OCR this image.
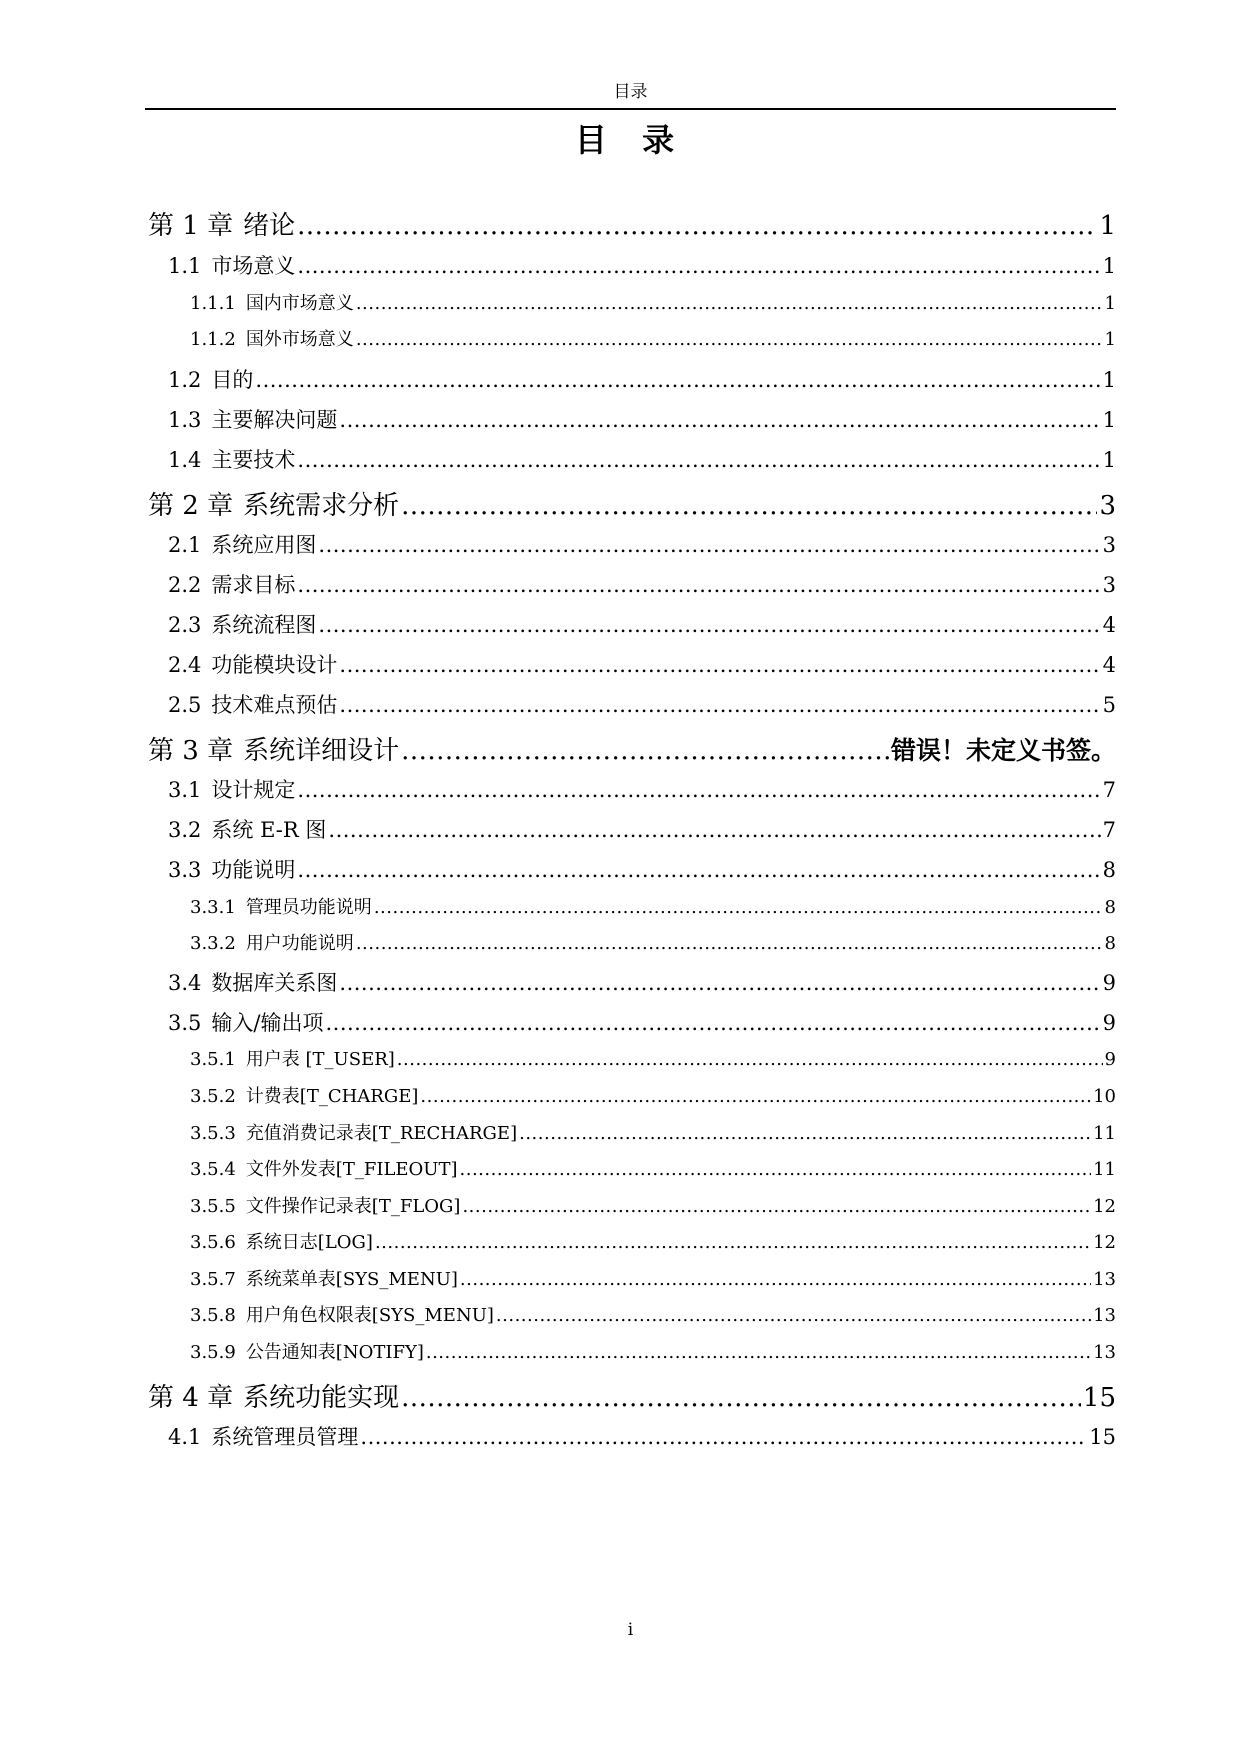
目录
目 录
第 1 章 绪论 .....	1
1.1 市场意义 .....	1
1.1.1 国内市场意义 .....	1
1.1.2 国外市场意义 .....	1
1.2 目的 .....	1
1.3 主要解决问题 .....	1
1.4 主要技术 .....	1
第 2 章 系统需求分析 .....	3
2.1 系统应用图 .....	3
2.2 需求目标 .....	3
2.3 系统流程图 .....	4
2.4 功能模块设计 .....	4
2.5 技术难点预估 .....	5
第 3 章 系统详细设计 .....	错误！未定义书签。
3.1 设计规定 .....	7
3.2 系统 E-R 图 .....	7
3.3 功能说明 .....	8
3.3.1 管理员功能说明 .....	8
3.3.2 用户功能说明 .....	8
3.4 数据库关系图 .....	9
3.5 输入/输出项 .....	9
3.5.1 用户表 [T_USER] .....	9
3.5.2 计费表[T_CHARGE] .....	10
3.5.3 充值消费记录表[T_RECHARGE] .....	11
3.5.4 文件外发表[T_FILEOUT] .....	11
3.5.5 文件操作记录表[T_FLOG] .....	12
3.5.6 系统日志[LOG] .....	12
3.5.7 系统菜单表[SYS_MENU] .....	13
3.5.8 用户角色权限表[SYS_MENU] .....	13
3.5.9 公告通知表[NOTIFY] .....	13
第 4 章 系统功能实现 .....	15
4.1 系统管理员管理 .....	15
i
